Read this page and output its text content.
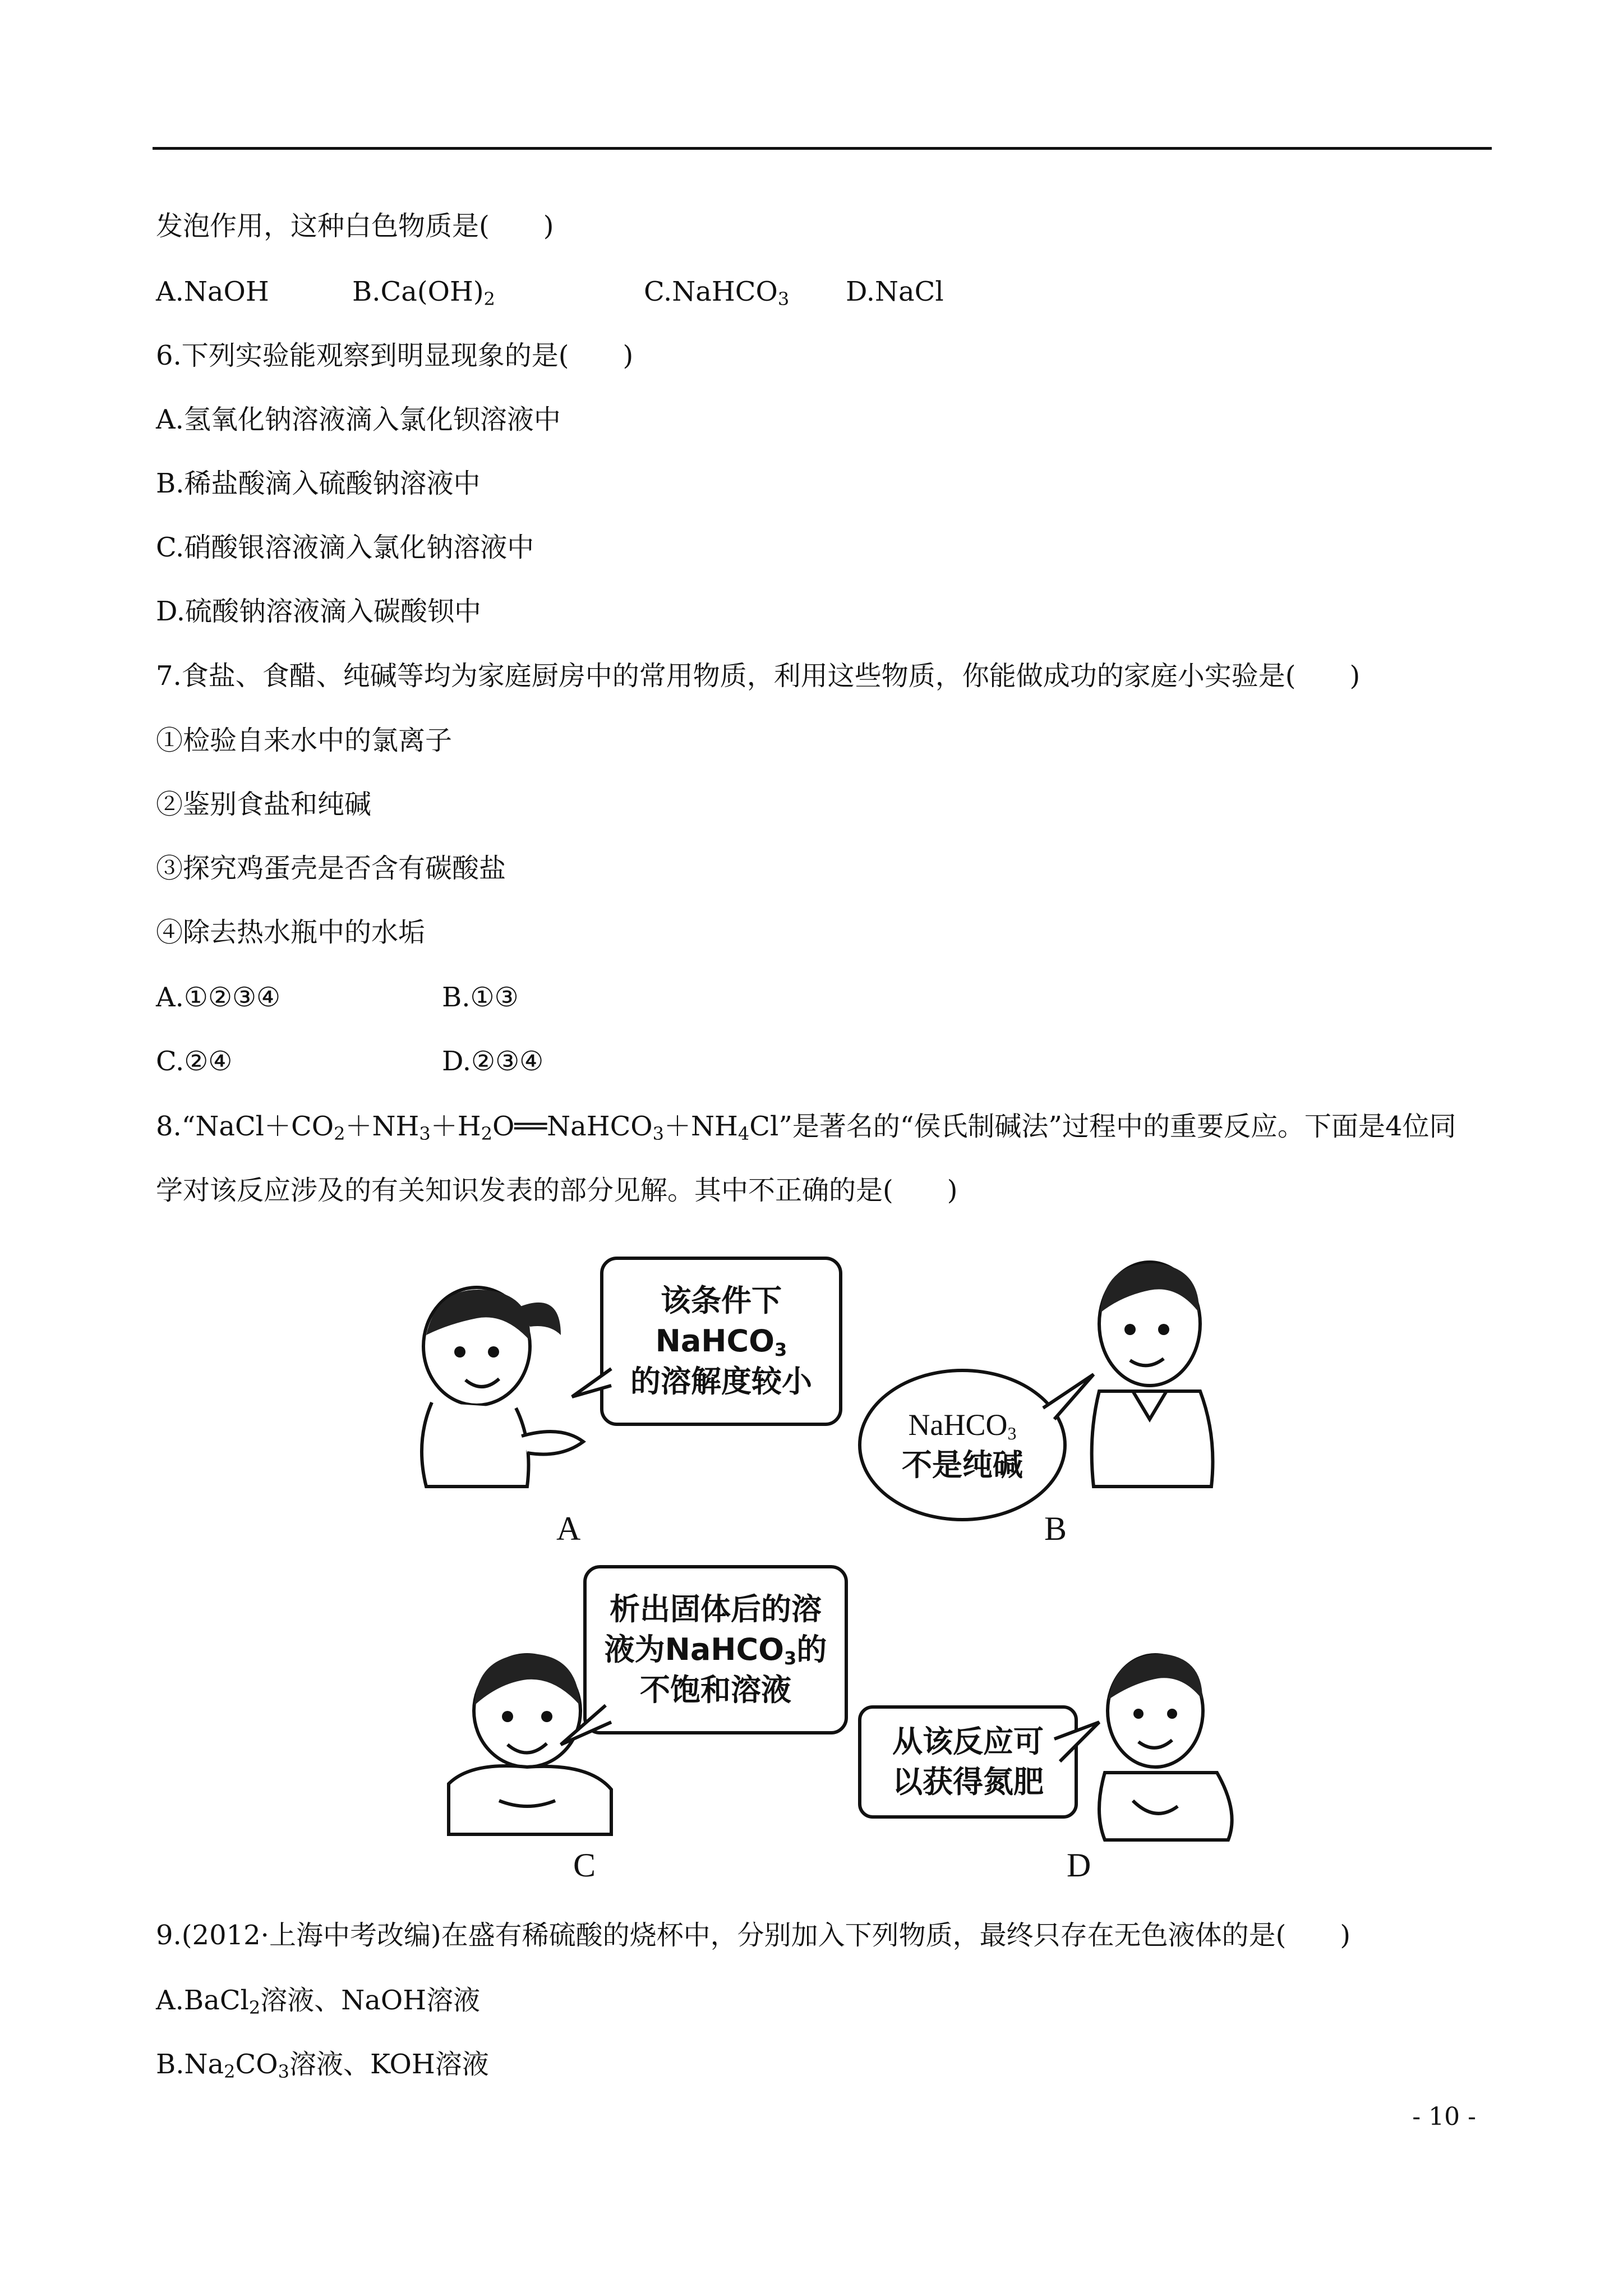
发泡作用，这种白色物质是(　　)
A.NaOH	$B.Ca(OH)_2$	C.NaHCO$_3$ D.NaCl
6.下列实验能观察到明显现象的是(　　)
A.氢氧化钠溶液滴入氯化钡溶液中
B.稀盐酸滴入硫酸钠溶液中
C.硝酸银溶液滴入氯化钠溶液中
D.硫酸钠溶液滴入碳酸钡中
7.食盐、食醋、纯碱等均为家庭厨房中的常用物质，利用这些物质，你能做成功的家庭小实验是(　　)
①检验自来水中的氯离子
②鉴别食盐和纯碱
③探究鸡蛋壳是否含有碳酸盐
④除去热水瓶中的水垢
A.①②③④	B.①③
C.②④	D.②③④
$8.“NaCl+CO_2+NH_3+H_2O══NaHCO_3+NH_4Cl$”是著名的“侯氏制碱法”过程中的重要反应。下面是4位同
学对该反应涉及的有关知识发表的部分见解。其中不正确的是(　　)
该条件下
NaHCO$_3$
的溶解度较小
NaHCO$_3$
不是纯碱
A	B
析出固体后的溶
液为NaHCO$_3$的
不饱和溶液
从该反应可
以获得氮肥
C	D
9.(2012·上海中考改编)在盛有稀硫酸的烧杯中，分别加入下列物质，最终只存在无色液体的是(　　)
A.BaCl$_2$溶液、NaOH溶液
$B.Na_2CO_3$溶液、KOH溶液
- 10 -
